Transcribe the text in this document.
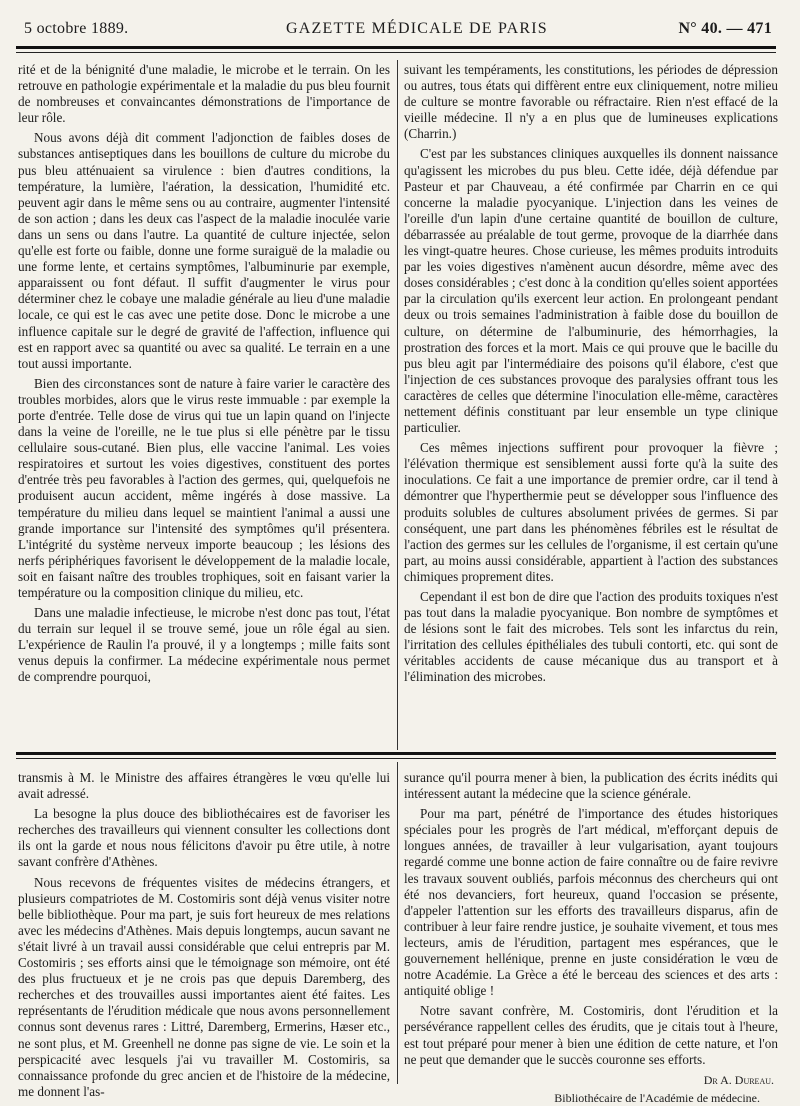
5 octobre 1889.	GAZETTE MÉDICALE DE PARIS	N° 40. — 471

rité et de la bénignité d'une maladie, le microbe et le terrain. On les retrouve en pathologie expérimentale et la maladie du pus bleu fournit de nombreuses et convaincantes démonstrations de l'importance de leur rôle.

Nous avons déjà dit comment l'adjonction de faibles doses de substances antiseptiques dans les bouillons de culture du microbe du pus bleu atténuaient sa virulence : bien d'autres conditions, la température, la lumière, l'aération, la dessication, l'humidité etc. peuvent agir dans le même sens ou au contraire, augmenter l'intensité de son action ; dans les deux cas l'aspect de la maladie inoculée varie dans un sens ou dans l'autre. La quantité de culture injectée, selon qu'elle est forte ou faible, donne une forme suraiguë de la maladie ou une forme lente, et certains symptômes, l'albuminurie par exemple, apparaissent ou font défaut. Il suffit d'augmenter le virus pour déterminer chez le cobaye une maladie générale au lieu d'une maladie locale, ce qui est le cas avec une petite dose. Donc le microbe a une influence capitale sur le degré de gravité de l'affection, influence qui est en rapport avec sa quantité ou avec sa qualité. Le terrain en a une tout aussi importante.

Bien des circonstances sont de nature à faire varier le caractère des troubles morbides, alors que le virus reste immuable : par exemple la porte d'entrée. Telle dose de virus qui tue un lapin quand on l'injecte dans la veine de l'oreille, ne le tue plus si elle pénètre par le tissu cellulaire sous-cutané. Bien plus, elle vaccine l'animal. Les voies respiratoires et surtout les voies digestives, constituent des portes d'entrée très peu favorables à l'action des germes, qui, quelquefois ne produisent aucun accident, même ingérés à dose massive. La température du milieu dans lequel se maintient l'animal a aussi une grande importance sur l'intensité des symptômes qu'il présentera. L'intégrité du système nerveux importe beaucoup ; les lésions des nerfs périphériques favorisent le développement de la maladie locale, soit en faisant naître des troubles trophiques, soit en faisant varier la température ou la composition clinique du milieu, etc.

Dans une maladie infectieuse, le microbe n'est donc pas tout, l'état du terrain sur lequel il se trouve semé, joue un rôle égal au sien. L'expérience de Raulin l'a prouvé, il y a longtemps ; mille faits sont venus depuis la confirmer. La médecine expérimentale nous permet de comprendre pourquoi,

suivant les tempéraments, les constitutions, les périodes de dépression ou autres, tous états qui diffèrent entre eux cliniquement, notre milieu de culture se montre favorable ou réfractaire. Rien n'est effacé de la vieille médecine. Il n'y a en plus que de lumineuses explications (Charrin.)

C'est par les substances cliniques auxquelles ils donnent naissance qu'agissent les microbes du pus bleu. Cette idée, déjà défendue par Pasteur et par Chauveau, a été confirmée par Charrin en ce qui concerne la maladie pyocyanique. L'injection dans les veines de l'oreille d'un lapin d'une certaine quantité de bouillon de culture, débarrassée au préalable de tout germe, provoque de la diarrhée dans les vingt-quatre heures. Chose curieuse, les mêmes produits introduits par les voies digestives n'amènent aucun désordre, même avec des doses considérables ; c'est donc à la condition qu'elles soient apportées par la circulation qu'ils exercent leur action. En prolongeant pendant deux ou trois semaines l'administration à faible dose du bouillon de culture, on détermine de l'albuminurie, des hémorrhagies, la prostration des forces et la mort. Mais ce qui prouve que le bacille du pus bleu agit par l'intermédiaire des poisons qu'il élabore, c'est que l'injection de ces substances provoque des paralysies offrant tous les caractères de celles que détermine l'inoculation elle-même, caractères nettement définis constituant par leur ensemble un type clinique particulier.

Ces mêmes injections suffirent pour provoquer la fièvre ; l'élévation thermique est sensiblement aussi forte qu'à la suite des inoculations. Ce fait a une importance de premier ordre, car il tend à démontrer que l'hyperthermie peut se développer sous l'influence des produits solubles de cultures absolument privées de germes. Si par conséquent, une part dans les phénomènes fébriles est le résultat de l'action des germes sur les cellules de l'organisme, il est certain qu'une part, au moins aussi considérable, appartient à l'action des substances chimiques proprement dites.

Cependant il est bon de dire que l'action des produits toxiques n'est pas tout dans la maladie pyocyanique. Bon nombre de symptômes et de lésions sont le fait des microbes. Tels sont les infarctus du rein, l'irritation des cellules épithéliales des tubuli contorti, etc. qui sont de véritables accidents de cause mécanique dus au transport et à l'élimination des microbes.

transmis à M. le Ministre des affaires étrangères le vœu qu'elle lui avait adressé.

La besogne la plus douce des bibliothécaires est de favoriser les recherches des travailleurs qui viennent consulter les collections dont ils ont la garde et nous nous félicitons d'avoir pu être utile, à notre savant confrère d'Athènes.

Nous recevons de fréquentes visites de médecins étrangers, et plusieurs compatriotes de M. Costomiris sont déjà venus visiter notre belle bibliothèque. Pour ma part, je suis fort heureux de mes relations avec les médecins d'Athènes. Mais depuis longtemps, aucun savant ne s'était livré à un travail aussi considérable que celui entrepris par M. Costomiris ; ses efforts ainsi que le témoignage son mémoire, ont été des plus fructueux et je ne crois pas que depuis Daremberg, des recherches et des trouvailles aussi importantes aient été faites. Les représentants de l'érudition médicale que nous avons personnellement connus sont devenus rares : Littré, Daremberg, Ermerins, Hæser etc., ne sont plus, et M. Greenhell ne donne pas signe de vie. Le soin et la perspicacité avec lesquels j'ai vu travailler M. Costomiris, sa connaissance profonde du grec ancien et de l'histoire de la médecine, me donnent l'as-

surance qu'il pourra mener à bien, la publication des écrits inédits qui intéressent autant la médecine que la science générale.

Pour ma part, pénétré de l'importance des études historiques spéciales pour les progrès de l'art médical, m'efforçant depuis de longues années, de travailler à leur vulgarisation, ayant toujours regardé comme une bonne action de faire connaître ou de faire revivre les travaux souvent oubliés, parfois méconnus des chercheurs qui ont été nos devanciers, fort heureux, quand l'occasion se présente, d'appeler l'attention sur les efforts des travailleurs disparus, afin de contribuer à leur faire rendre justice, je souhaite vivement, et tous mes lecteurs, amis de l'érudition, partagent mes espérances, que le gouvernement hellénique, prenne en juste considération le vœu de notre Académie. La Grèce a été le berceau des sciences et des arts : antiquité oblige !

Notre savant confrère, M. Costomiris, dont l'érudition et la persévérance rappellent celles des érudits, que je citais tout à l'heure, est tout préparé pour mener à bien une édition de cette nature, et l'on ne peut que demander que le succès couronne ses efforts.

Dr A. Dureau.
Bibliothécaire de l'Académie de médecine.
